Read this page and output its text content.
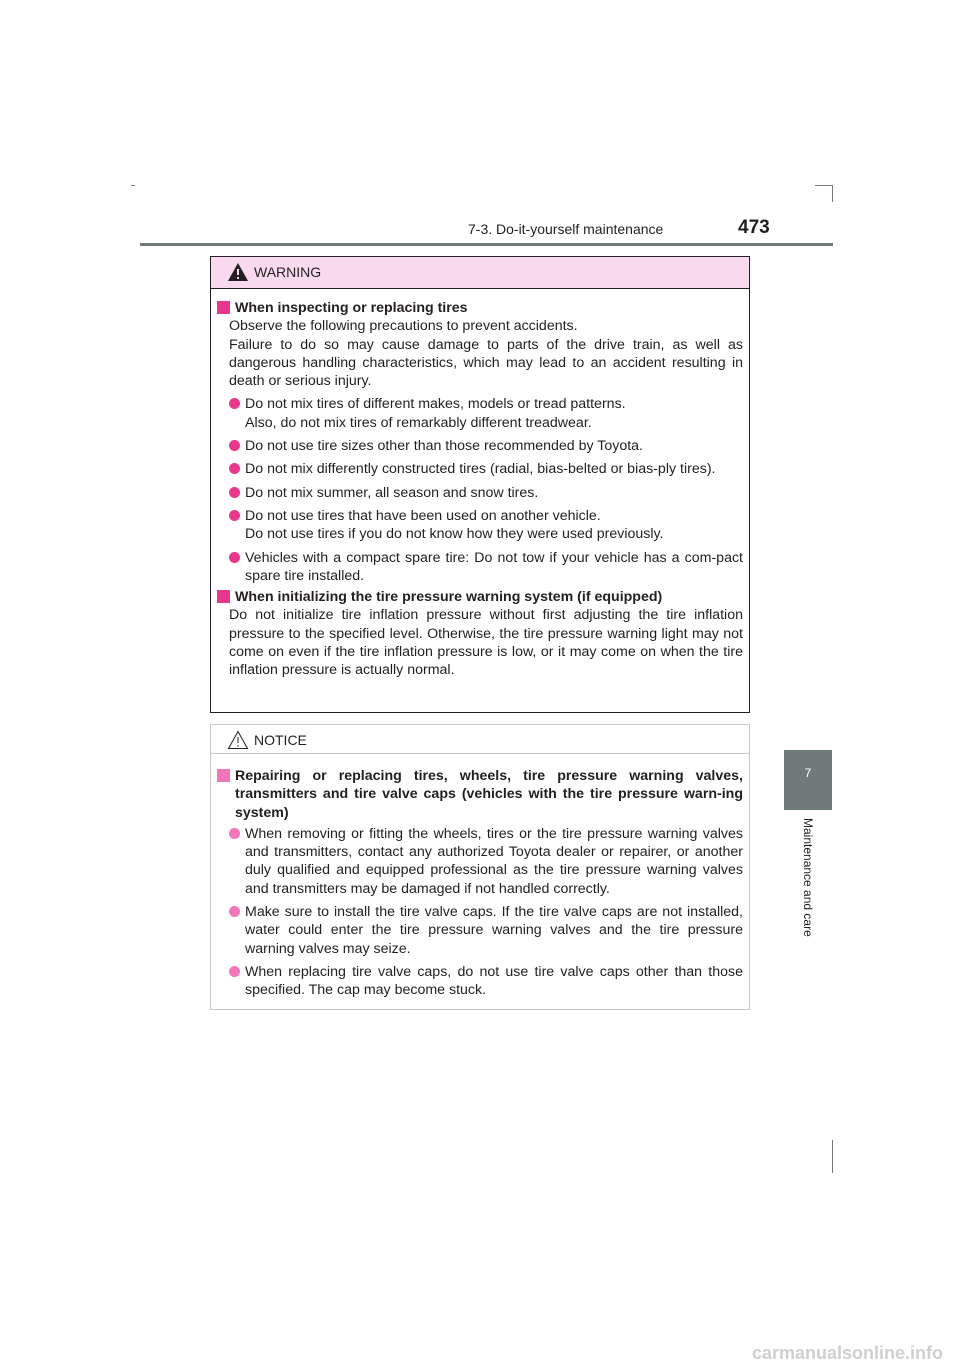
7-3. Do-it-yourself maintenance	473
7
Maintenance and care
WARNING
When inspecting or replacing tires
Observe the following precautions to prevent accidents.
Failure to do so may cause damage to parts of the drive train, as well as dangerous handling characteristics, which may lead to an accident resulting in death or serious injury.
Do not mix tires of different makes, models or tread patterns.
Also, do not mix tires of remarkably different treadwear.
Do not use tire sizes other than those recommended by Toyota.
Do not mix differently constructed tires (radial, bias-belted or bias-ply tires).
Do not mix summer, all season and snow tires.
Do not use tires that have been used on another vehicle.
Do not use tires if you do not know how they were used previously.
Vehicles with a compact spare tire: Do not tow if your vehicle has a com-pact spare tire installed.
When initializing the tire pressure warning system (if equipped)
Do not initialize tire inflation pressure without first adjusting the tire inflation pressure to the specified level. Otherwise, the tire pressure warning light may not come on even if the tire inflation pressure is low, or it may come on when the tire inflation pressure is actually normal.
NOTICE
Repairing or replacing tires, wheels, tire pressure warning valves, transmitters and tire valve caps (vehicles with the tire pressure warn-ing system)
When removing or fitting the wheels, tires or the tire pressure warning valves and transmitters, contact any authorized Toyota dealer or repairer, or another duly qualified and equipped professional as the tire pressure warning valves and transmitters may be damaged if not handled correctly.
Make sure to install the tire valve caps. If the tire valve caps are not installed, water could enter the tire pressure warning valves and the tire pressure warning valves may seize.
When replacing tire valve caps, do not use tire valve caps other than those specified. The cap may become stuck.
carmanualsonline.info
